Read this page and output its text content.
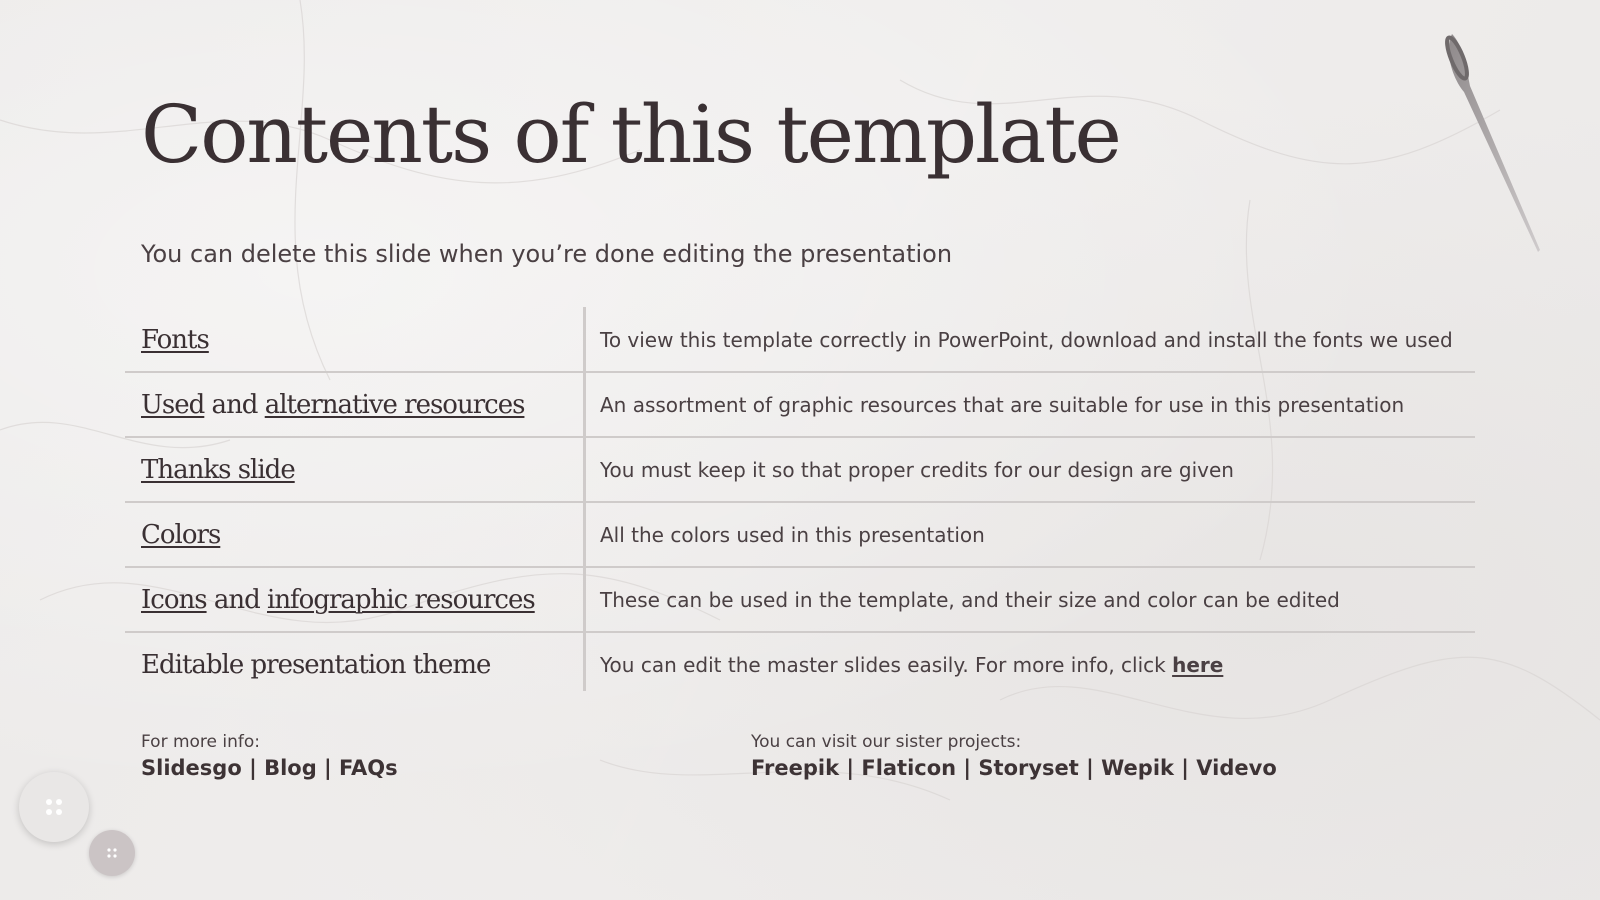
Contents of this template

You can delete this slide when you’re done editing the presentation

Fonts	To view this template correctly in PowerPoint, download and install the fonts we used
Used and alternative resources	An assortment of graphic resources that are suitable for use in this presentation
Thanks slide	You must keep it so that proper credits for our design are given
Colors	All the colors used in this presentation
Icons and infographic resources	These can be used in the template, and their size and color can be edited
Editable presentation theme	You can edit the master slides easily. For more info, click here
For more info:
Slidesgo | Blog | FAQs
You can visit our sister projects:
Freepik | Flaticon | Storyset | Wepik | Videvo
